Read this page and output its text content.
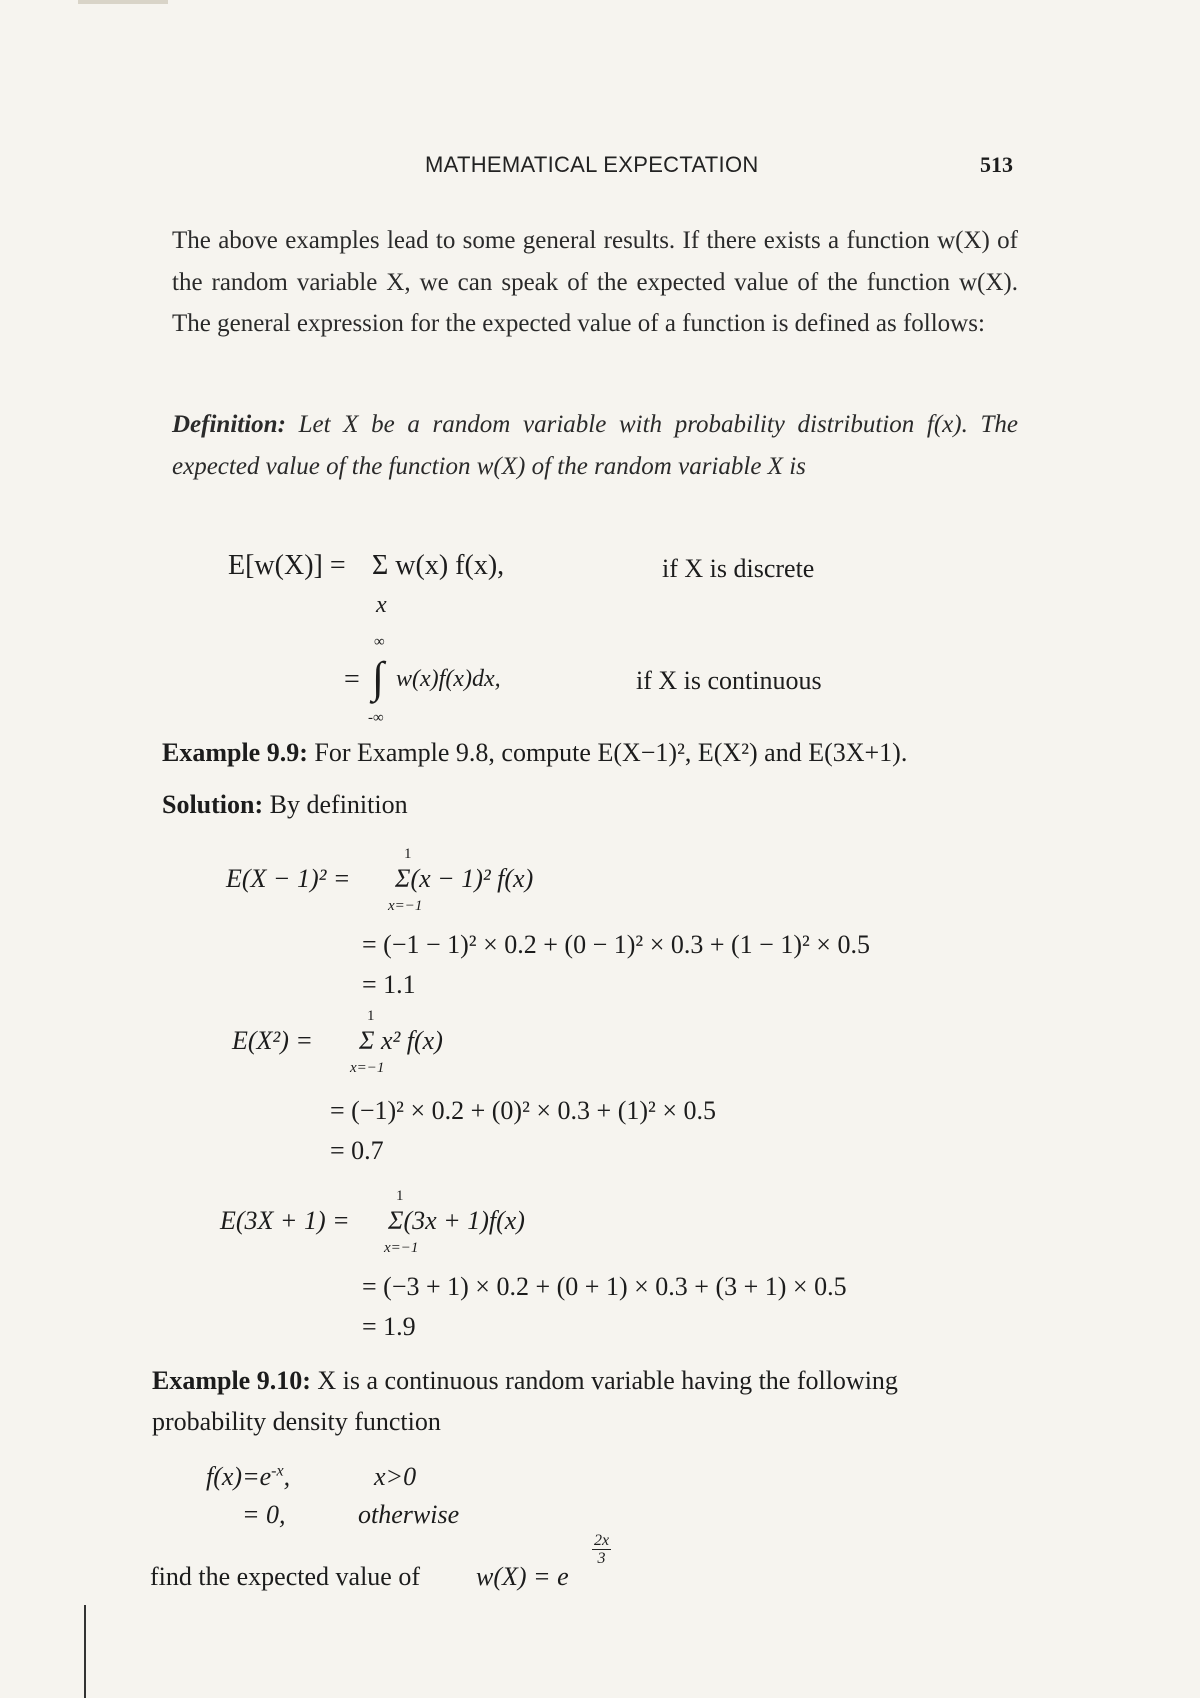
MATHEMATICAL EXPECTATION	513
The above examples lead to some general results. If there exists a function w(X) of the random variable X, we can speak of the expected value of the function w(X). The general expression for the expected value of a function is defined as follows:
Definition: Let X be a random variable with probability distribution f(x). The expected value of the function w(X) of the random variable X is
E[w(X)] = Σ w(x) f(x),
x
if X is discrete
∞
= ∫ w(x)f(x)dx,
-∞
if X is continuous
Example 9.9: For Example 9.8, compute E(X−1)², E(X²) and E(3X+1).
Solution: By definition
1
E(X − 1)² = Σ(x − 1)² f(x)
x=−1
= (−1 − 1)² × 0.2 + (0 − 1)² × 0.3 + (1 − 1)² × 0.5
= 1.1
1
E(X²) = Σ x² f(x)
x=−1
= (−1)² × 0.2 + (0)² × 0.3 + (1)² × 0.5
= 0.7
1
E(3X + 1) = Σ(3x + 1)f(x)
x=−1
= (−3 + 1) × 0.2 + (0 + 1) × 0.3 + (3 + 1) × 0.5
= 1.9
Example 9.10: X is a continuous random variable having the following probability density function
$f(x)=e^{-x}$,	x>0
= 0,	otherwise
find the expected value of w(X) = e
$\frac{2x}{3}$
